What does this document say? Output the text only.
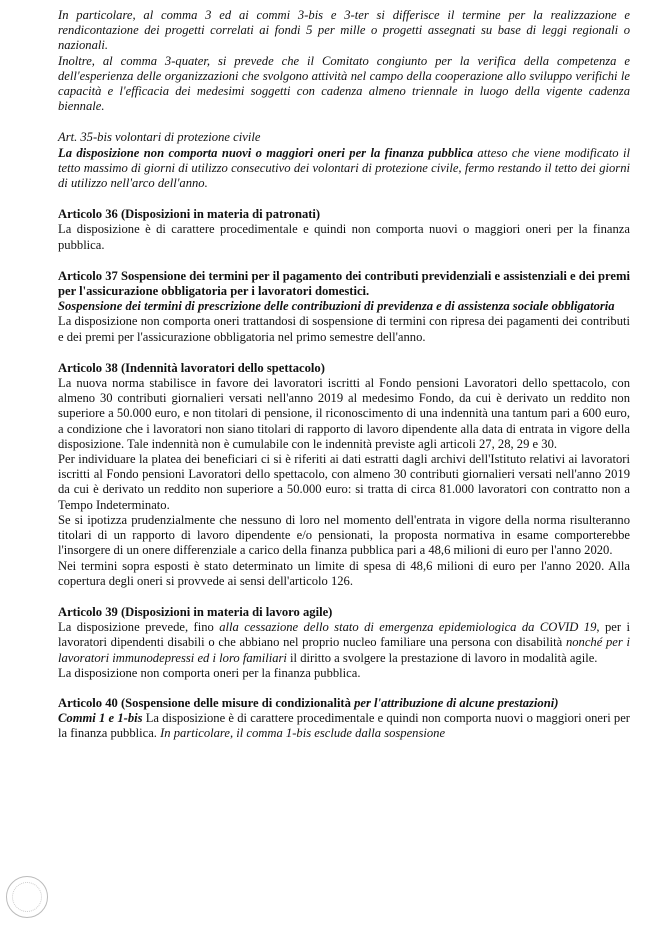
In particolare, al comma 3 ed ai commi 3-bis e 3-ter si differisce il termine per la realizzazione e rendicontazione dei progetti correlati ai fondi 5 per mille o progetti assegnati su base di leggi regionali o nazionali.

Inoltre, al comma 3-quater, si prevede che il Comitato congiunto per la verifica della competenza e dell'esperienza delle organizzazioni che svolgono attività nel campo della cooperazione allo sviluppo verifichi le capacità e l'efficacia dei medesimi soggetti con cadenza almeno triennale in luogo della vigente cadenza biennale.

Art. 35-bis volontari di protezione civile

La disposizione non comporta nuovi o maggiori oneri per la finanza pubblica atteso che viene modificato il tetto massimo di giorni di utilizzo consecutivo dei volontari di protezione civile, fermo restando il tetto dei giorni di utilizzo nell'arco dell'anno.

Articolo 36 (Disposizioni in materia di patronati)

La disposizione è di carattere procedimentale e quindi non comporta nuovi o maggiori oneri per la finanza pubblica.

Articolo 37 Sospensione dei termini per il pagamento dei contributi previdenziali e assistenziali e dei premi per l'assicurazione obbligatoria per i lavoratori domestici.

Sospensione dei termini di prescrizione delle contribuzioni di previdenza e di assistenza sociale obbligatoria

La disposizione non comporta oneri trattandosi di sospensione di termini con ripresa dei pagamenti dei contributi e dei premi per l'assicurazione obbligatoria nel primo semestre dell'anno.

Articolo 38 (Indennità lavoratori dello spettacolo)

La nuova norma stabilisce in favore dei lavoratori iscritti al Fondo pensioni Lavoratori dello spettacolo, con almeno 30 contributi giornalieri versati nell'anno 2019 al medesimo Fondo, da cui è derivato un reddito non superiore a 50.000 euro, e non titolari di pensione, il riconoscimento di una indennità una tantum pari a 600 euro, a condizione che i lavoratori non siano titolari di rapporto di lavoro dipendente alla data di entrata in vigore della disposizione. Tale indennità non è cumulabile con le indennità previste agli articoli 27, 28, 29 e 30.

Per individuare la platea dei beneficiari ci si è riferiti ai dati estratti dagli archivi dell'Istituto relativi ai lavoratori iscritti al Fondo pensioni Lavoratori dello spettacolo, con almeno 30 contributi giornalieri versati nell'anno 2019 da cui è derivato un reddito non superiore a 50.000 euro: si tratta di circa 81.000 lavoratori con contratto non a Tempo Indeterminato.

Se si ipotizza prudenzialmente che nessuno di loro nel momento dell'entrata in vigore della norma risulteranno titolari di un rapporto di lavoro dipendente e/o pensionati, la proposta normativa in esame comporterebbe l'insorgere di un onere differenziale a carico della finanza pubblica pari a 48,6 milioni di euro per l'anno 2020.

Nei termini sopra esposti è stato determinato un limite di spesa di 48,6 milioni di euro per l'anno 2020. Alla copertura degli oneri si provvede ai sensi dell'articolo 126.

Articolo 39 (Disposizioni in materia di lavoro agile)

La disposizione prevede, fino alla cessazione dello stato di emergenza epidemiologica da COVID 19, per i lavoratori dipendenti disabili o che abbiano nel proprio nucleo familiare una persona con disabilità nonché per i lavoratori immunodepressi ed i loro familiari il diritto a svolgere la prestazione di lavoro in modalità agile.

La disposizione non comporta oneri per la finanza pubblica.

Articolo 40 (Sospensione delle misure di condizionalità per l'attribuzione di alcune prestazioni)

Commi 1 e 1-bis La disposizione è di carattere procedimentale e quindi non comporta nuovi o maggiori oneri per la finanza pubblica. In particolare, il comma 1-bis esclude dalla sospensione
